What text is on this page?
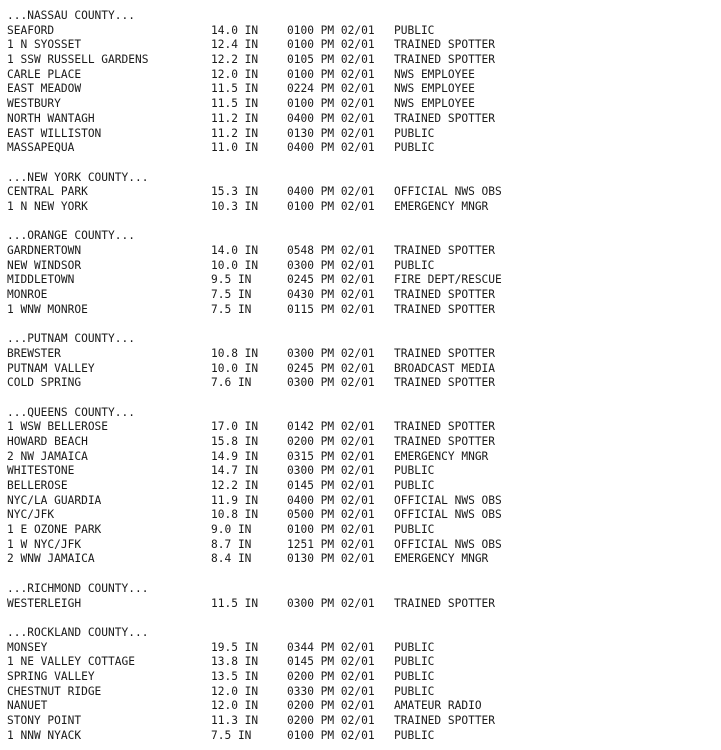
...NASSAU COUNTY...
SEAFORD	14.0 IN	0100 PM 02/01	PUBLIC
1 N SYOSSET	12.4 IN	0100 PM 02/01	TRAINED SPOTTER
1 SSW RUSSELL GARDENS	12.2 IN	0105 PM 02/01	TRAINED SPOTTER
CARLE PLACE	12.0 IN	0100 PM 02/01	NWS EMPLOYEE
EAST MEADOW	11.5 IN	0224 PM 02/01	NWS EMPLOYEE
WESTBURY	11.5 IN	0100 PM 02/01	NWS EMPLOYEE
NORTH WANTAGH	11.2 IN	0400 PM 02/01	TRAINED SPOTTER
EAST WILLISTON	11.2 IN	0130 PM 02/01	PUBLIC
MASSAPEQUA	11.0 IN	0400 PM 02/01	PUBLIC
...NEW YORK COUNTY...
CENTRAL PARK	15.3 IN	0400 PM 02/01	OFFICIAL NWS OBS
1 N NEW YORK	10.3 IN	0100 PM 02/01	EMERGENCY MNGR
...ORANGE COUNTY...
GARDNERTOWN	14.0 IN	0548 PM 02/01	TRAINED SPOTTER
NEW WINDSOR	10.0 IN	0300 PM 02/01	PUBLIC
MIDDLETOWN	9.5 IN	0245 PM 02/01	FIRE DEPT/RESCUE
MONROE	7.5 IN	0430 PM 02/01	TRAINED SPOTTER
1 WNW MONROE	7.5 IN	0115 PM 02/01	TRAINED SPOTTER
...PUTNAM COUNTY...
BREWSTER	10.8 IN	0300 PM 02/01	TRAINED SPOTTER
PUTNAM VALLEY	10.0 IN	0245 PM 02/01	BROADCAST MEDIA
COLD SPRING	7.6 IN	0300 PM 02/01	TRAINED SPOTTER
...QUEENS COUNTY...
1 WSW BELLEROSE	17.0 IN	0142 PM 02/01	TRAINED SPOTTER
HOWARD BEACH	15.8 IN	0200 PM 02/01	TRAINED SPOTTER
2 NW JAMAICA	14.9 IN	0315 PM 02/01	EMERGENCY MNGR
WHITESTONE	14.7 IN	0300 PM 02/01	PUBLIC
BELLEROSE	12.2 IN	0145 PM 02/01	PUBLIC
NYC/LA GUARDIA	11.9 IN	0400 PM 02/01	OFFICIAL NWS OBS
NYC/JFK	10.8 IN	0500 PM 02/01	OFFICIAL NWS OBS
1 E OZONE PARK	9.0 IN	0100 PM 02/01	PUBLIC
1 W NYC/JFK	8.7 IN	1251 PM 02/01	OFFICIAL NWS OBS
2 WNW JAMAICA	8.4 IN	0130 PM 02/01	EMERGENCY MNGR
...RICHMOND COUNTY...
WESTERLEIGH	11.5 IN	0300 PM 02/01	TRAINED SPOTTER
...ROCKLAND COUNTY...
MONSEY	19.5 IN	0344 PM 02/01	PUBLIC
1 NE VALLEY COTTAGE	13.8 IN	0145 PM 02/01	PUBLIC
SPRING VALLEY	13.5 IN	0200 PM 02/01	PUBLIC
CHESTNUT RIDGE	12.0 IN	0330 PM 02/01	PUBLIC
NANUET	12.0 IN	0200 PM 02/01	AMATEUR RADIO
STONY POINT	11.3 IN	0200 PM 02/01	TRAINED SPOTTER
1 NNW NYACK	7.5 IN	0100 PM 02/01	PUBLIC
